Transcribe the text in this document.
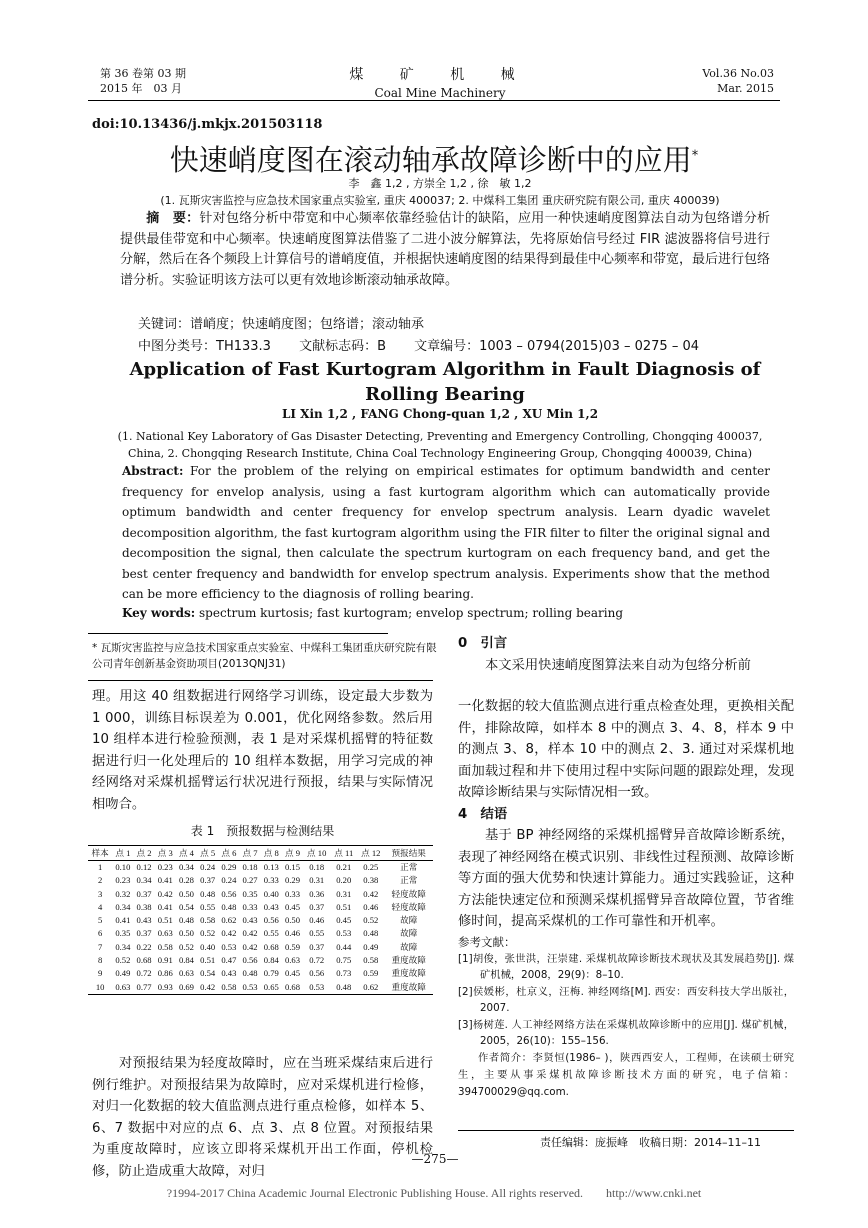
第 36 卷第 03 期
2015 年　03 月
煤 矿 机 械
Coal Mine Machinery
Vol.36 No.03
Mar. 2015
doi:10.13436/j.mkjx.201503118
快速峭度图在滚动轴承故障诊断中的应用*
李　鑫 1,2 , 方崇全 1,2 , 徐　敏 1,2
(1. 瓦斯灾害监控与应急技术国家重点实验室, 重庆 400037; 2. 中煤科工集团 重庆研究院有限公司, 重庆 400039)
  摘　要：针对包络分析中带宽和中心频率依靠经验估计的缺陷，应用一种快速峭度图算法自动为包络谱分析提供最佳带宽和中心频率。快速峭度图算法借鉴了二进小波分解算法，先将原始信号经过 FIR 滤波器将信号进行分解，然后在各个频段上计算信号的谱峭度值，并根据快速峭度图的结果得到最佳中心频率和带宽，最后进行包络谱分析。实验证明该方法可以更有效地诊断滚动轴承故障。
关键词：谱峭度；快速峭度图；包络谱；滚动轴承
中图分类号：TH133.3 文献标志码：B 文章编号：1003 – 0794(2015)03 – 0275 – 04
Application of Fast Kurtogram Algorithm in Fault Diagnosis of Rolling Bearing
LI Xin 1,2 , FANG Chong-quan 1,2 , XU Min 1,2
(1. National Key Laboratory of Gas Disaster Detecting, Preventing and Emergency Controlling, Chongqing 400037, China, 2. Chongqing Research Institute, China Coal Technology Engineering Group, Chongqing 400039, China)
Abstract: For the problem of the relying on empirical estimates for optimum bandwidth and center frequency for envelop analysis, using a fast kurtogram algorithm which can automatically provide optimum bandwidth and center frequency for envelop spectrum analysis. Learn dyadic wavelet decomposition algorithm, the fast kurtogram algorithm using the FIR filter to filter the original signal and decomposition the signal, then calculate the spectrum kurtogram on each frequency band, and get the best center frequency and bandwidth for envelop spectrum analysis. Experiments show that the method can be more efficiency to the diagnosis of rolling bearing.
Key words: spectrum kurtosis; fast kurtogram; envelop spectrum; rolling bearing
* 瓦斯灾害监控与应急技术国家重点实验室、中煤科工集团重庆研究院有限公司青年创新基金资助项目(2013QNJ31)
理。用这 40 组数据进行网络学习训练，设定最大步数为 1 000，训练目标误差为 0.001，优化网络参数。然后用 10 组样本进行检验预测，表 1 是对采煤机摇臂的特征数据进行归一化处理后的 10 组样本数据，用学习完成的神经网络对采煤机摇臂运行状况进行预报，结果与实际情况相吻合。
表 1　预报数据与检测结果
样本	点 1	点 2	点 3	点 4	点 5	点 6	点 7	点 8	点 9	点 10	点 11	点 12	预报结果
1	0.10	0.12	0.23	0.34	0.24	0.29	0.18	0.13	0.15	0.18	0.21	0.25	正常
2	0.23	0.34	0.41	0.28	0.37	0.24	0.27	0.33	0.29	0.31	0.20	0.38	正常
3	0.32	0.37	0.42	0.50	0.48	0.56	0.35	0.40	0.33	0.36	0.31	0.42	轻度故障
4	0.34	0.38	0.41	0.54	0.55	0.48	0.33	0.43	0.45	0.37	0.51	0.46	轻度故障
5	0.41	0.43	0.51	0.48	0.58	0.62	0.43	0.56	0.50	0.46	0.45	0.52	故障
6	0.35	0.37	0.63	0.50	0.52	0.42	0.42	0.55	0.46	0.55	0.53	0.48	故障
7	0.34	0.22	0.58	0.52	0.40	0.53	0.42	0.68	0.59	0.37	0.44	0.49	故障
8	0.52	0.68	0.91	0.84	0.51	0.47	0.56	0.84	0.63	0.72	0.75	0.58	重度故障
9	0.49	0.72	0.86	0.63	0.54	0.43	0.48	0.79	0.45	0.56	0.73	0.59	重度故障
10	0.63	0.77	0.93	0.69	0.42	0.58	0.53	0.65	0.68	0.53	0.48	0.62	重度故障
  对预报结果为轻度故障时，应在当班采煤结束后进行例行维护。对预报结果为故障时，应对采煤机进行检修，对归一化数据的较大值监测点进行重点检修，如样本 5、6、7 数据中对应的点 6、点 3、点 8 位置。对预报结果为重度故障时，应该立即将采煤机开出工作面，停机检修，防止造成重大故障，对归
0　引言
本文采用快速峭度图算法来自动为包络分析前
一化数据的较大值监测点进行重点检查处理，更换相关配件，排除故障，如样本 8 中的测点 3、4、8，样本 9 中的测点 3、8，样本 10 中的测点 2、3. 通过对采煤机地面加载过程和井下使用过程中实际问题的跟踪处理，发现故障诊断结果与实际情况相一致。
4　结语
基于 BP 神经网络的采煤机摇臂异音故障诊断系统，表现了神经网络在模式识别、非线性过程预测、故障诊断等方面的强大优势和快速计算能力。通过实践验证，这种方法能快速定位和预测采煤机摇臂异音故障位置，节省维修时间，提高采煤机的工作可靠性和开机率。
参考文献：
[1]胡俊，张世洪，汪崇建. 采煤机故障诊断技术现状及其发展趋势[J]. 煤矿机械，2008，29(9)：8–10.
[2]侯媛彬，杜京义，汪梅. 神经网络[M]. 西安：西安科技大学出版社，2007.
[3]杨树莲. 人工神经网络方法在采煤机故障诊断中的应用[J]. 煤矿机械，2005，26(10)：155–156.
作者简介：李贤恒(1986– )，陕西西安人，工程师，在读硕士研究生，主要从事采煤机故障诊断技术方面的研究，电子信箱：394700029@qq.com.
责任编辑：庞振峰　收稿日期：2014–11–11
—275—
?1994-2017 China Academic Journal Electronic Publishing House. All rights reserved. http://www.cnki.net
